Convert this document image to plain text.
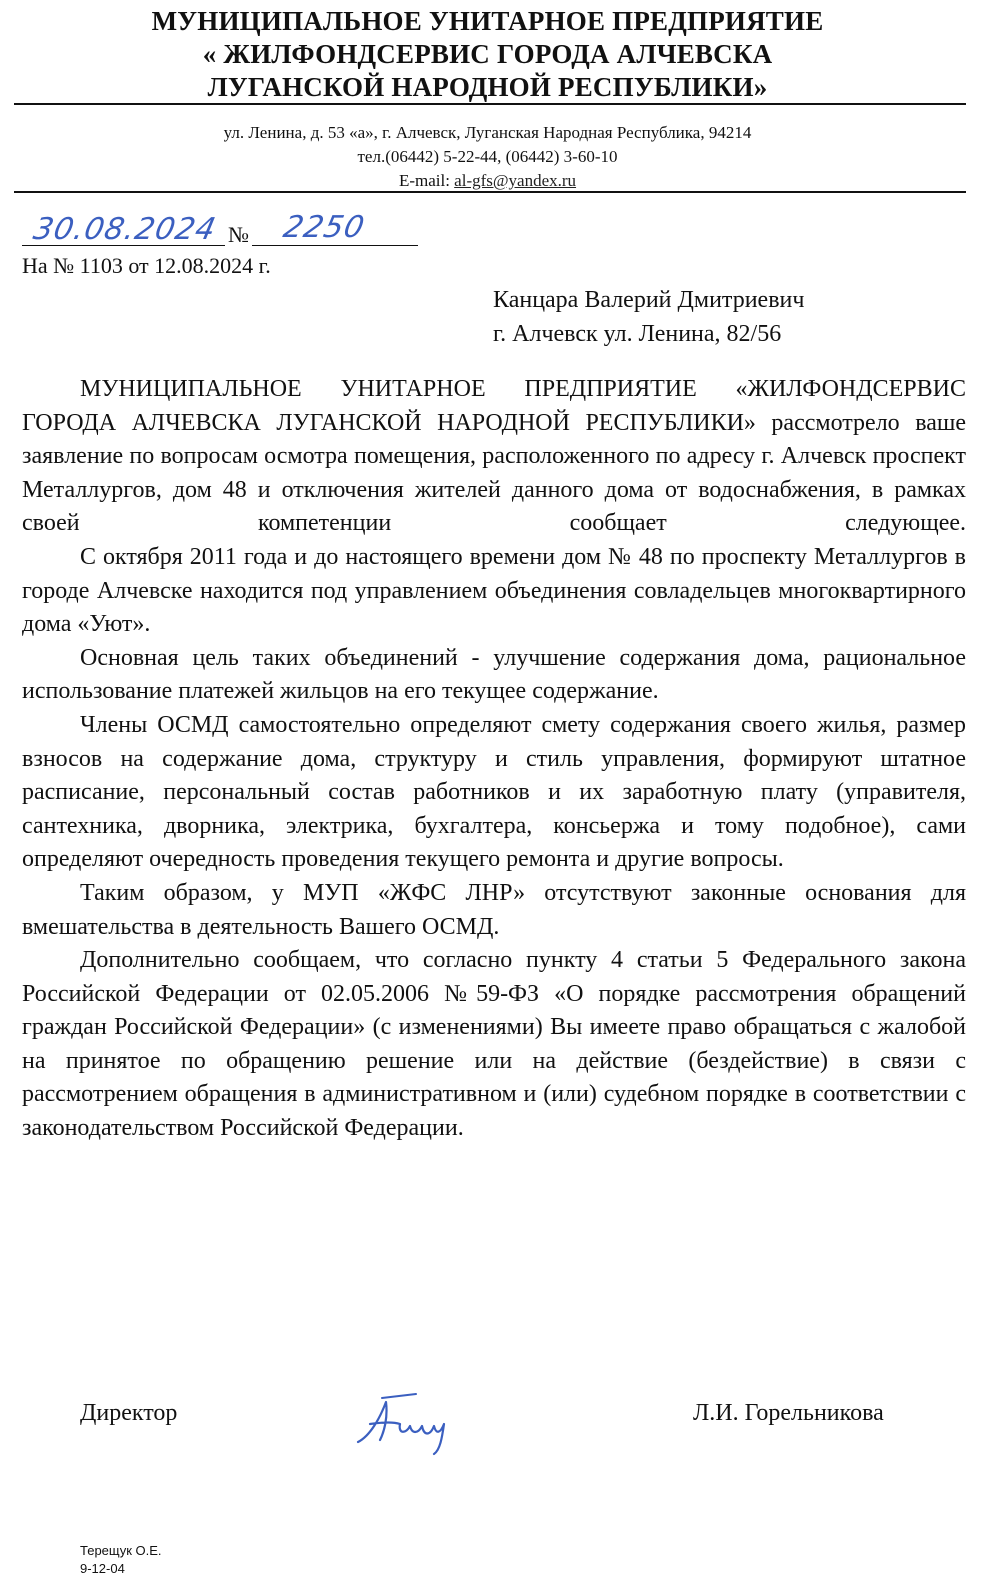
МУНИЦИПАЛЬНОЕ УНИТАРНОЕ ПРЕДПРИЯТИЕ
« ЖИЛФОНДСЕРВИС ГОРОДА АЛЧЕВСКА
ЛУГАНСКОЙ НАРОДНОЙ РЕСПУБЛИКИ»
ул. Ленина, д. 53 «а», г. Алчевск, Луганская Народная Республика, 94214
тел.(06442) 5-22-44, (06442) 3-60-10
E-mail: al-gfs@yandex.ru
30.08.2024 № 2250
На № 1103 от 12.08.2024 г.
Канцара Валерий Дмитриевич
г. Алчевск ул. Ленина, 82/56

МУНИЦИПАЛЬНОЕ УНИТАРНОЕ ПРЕДПРИЯТИЕ «ЖИЛФОНДСЕРВИС ГОРОДА АЛЧЕВСКА ЛУГАНСКОЙ НАРОДНОЙ РЕСПУБЛИКИ» рассмотрело ваше заявление по вопросам осмотра помещения, расположенного по адресу г. Алчевск проспект Металлургов, дом 48 и отключения жителей данного дома от водоснабжения, в рамках своей компетенции сообщает следующее.

С октября 2011 года и до настоящего времени дом № 48 по проспекту Металлургов в городе Алчевске находится под управлением объединения совладельцев многоквартирного дома «Уют».

Основная цель таких объединений - улучшение содержания дома, рациональное использование платежей жильцов на его текущее содержание.

Члены ОСМД самостоятельно определяют смету содержания своего жилья, размер взносов на содержание дома, структуру и стиль управления, формируют штатное расписание, персональный состав работников и их заработную плату (управителя, сантехника, дворника, электрика, бухгалтера, консьержа и тому подобное), сами определяют очередность проведения текущего ремонта и другие вопросы.

Таким образом, у МУП «ЖФС ЛНР» отсутствуют законные основания для вмешательства в деятельность Вашего ОСМД.

Дополнительно сообщаем, что согласно пункту 4 статьи 5 Федерального закона Российской Федерации от 02.05.2006 №59-ФЗ «О порядке рассмотрения обращений граждан Российской Федерации» (с изменениями) Вы имеете право обращаться с жалобой на принятое по обращению решение или на действие (бездействие) в связи с рассмотрением обращения в административном и (или) судебном порядке в соответствии с законодательством Российской Федерации.

Директор	Л.И. Горельникова
Терещук О.Е.
9-12-04
